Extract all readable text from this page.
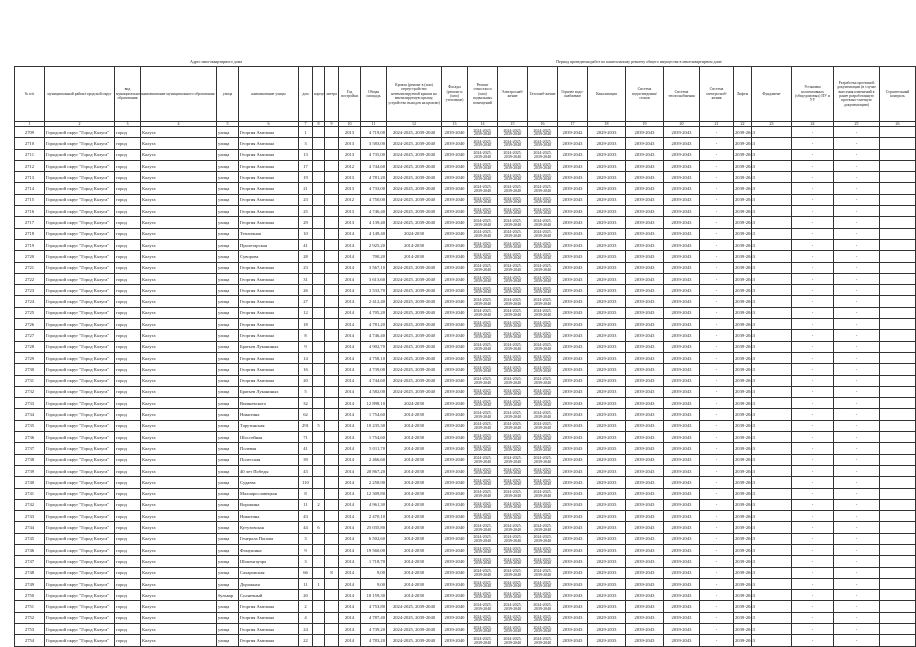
Адрес многоквартирного дома	Период проведения работ по капитальному ремонту общего имущества в многоквартирном доме
№ п/п	муниципальный район/городской округ	вид муниципального образования	наименование муниципального образования	улица	наименование улицы	дом	корпус	литера	Год постройки	Общая площадь	Кровля (ремонт в (или) переустройство невентилируемой крыши на вентилируемую крышу, устройство выходов на кровлю)	Фасады (ремонт и (или) утепление)	Ремонт отмостки и (или) подвальных помещений	Электроснаб-жение	Газоснаб-жение	Горячее водо-снабжение	Канализация	Система водоотведения/стоков	Система теплоснабжения	Система электроснаб-жения	Лифты	Фундамент	Установка коллективных (общедомовых) ПУ и УУ	Разработка проектной документации (в случае внесения изменений в ранее разработанную проектно-сметную документацию)	Строительный контроль
1	2	3	4	5	6	7	8	9	10	11	12	13	14	15	16	17	18	19	20	21	22	23	24	25	26
2709	Городской округ "Город Калуга"	город	Калуга	улица	Георгия Амелина	1			2013	4 719,00	2024-2025, 2039-2040	2039-2040	2024-2025, 2039-2040	2024-2025, 2039-2040	2024-2025, 2039-2040	2039-2042	2029-2033	2039-2043	2039-2043	-	2039-2043		-	-	
2710	Городской округ "Город Калуга"	город	Калуга	улица	Георгия Амелина	3			2013	3 583,00	2024-2025, 2039-2040	2039-2040	2024-2025, 2039-2040	2024-2025, 2039-2040	2024-2025, 2039-2040	2039-2043	2029-2033	2039-2043	2039-2043	-	2039-2043		-	-	
2711	Городской округ "Город Калуга"	город	Калуга	улица	Георгия Амелина	13			2013	4 735,00	2024-2025, 2039-2040	2039-2040	2024-2025, 2039-2040	2024-2025, 2039-2040	2024-2025, 2039-2040	2039-2043	2029-2033	2039-2043	2039-2043	-	2039-2043		-	-	
2712	Городской округ "Город Калуга"	город	Калуга	улица	Георгия Амелина	17			2012	4 744,60	2024-2025, 2039-2040	2039-2040	2024-2025, 2039-2040	2024-2025, 2039-2040	2024-2025, 2039-2040	2039-2043	2029-2033	2039-2043	2039-2043	-	2039-2043		-	-	
2713	Городской округ "Город Калуга"	город	Калуга	улица	Георгия Амелина	19			2013	4 781,20	2024-2025, 2039-2040	2039-2040	2024-2025, 2039-2040	2024-2025, 2039-2040	2024-2025, 2039-2040	2039-2043	2029-2033	2039-2043	2039-2043	-	2039-2043		-	-	
2714	Городской округ "Город Калуга"	город	Калуга	улица	Георгия Амелина	21			2013	4 733,00	2024-2025, 2039-2040	2039-2040	2024-2025, 2039-2040	2024-2025, 2039-2040	2024-2025, 2039-2040	2039-2043	2029-2033	2039-2043	2039-2043	-	2039-2043		-	-	
2715	Городской округ "Город Калуга"	город	Калуга	улица	Георгия Амелина	23			2012	4 750,00	2024-2025, 2039-2040	2039-2040	2024-2025, 2039-2040	2024-2025, 2039-2040	2024-2025, 2039-2040	2039-2043	2029-2033	2039-2043	2039-2043	-	2039-2043		-	-	
2716	Городской округ "Город Калуга"	город	Калуга	улица	Георгия Амелина	25			2013	4 746,40	2024-2025, 2039-2040	2039-2040	2024-2025, 2039-2040	2024-2025, 2039-2040	2024-2025, 2039-2040	2039-2043	2029-2033	2039-2043	2039-2043	-	2039-2043		-	-	
2717	Городской округ "Город Калуга"	город	Калуга	улица	Георгия Амелина	29			2013	4 139,40	2024-2025, 2039-2040	2039-2040	2024-2025, 2039-2040	2024-2025, 2039-2040	2024-2025, 2039-2040	2039-2043	2029-2033	2039-2043	2039-2043	-	2039-2043		-	-	
2718	Городской округ "Город Калуга"	город	Калуга	улица	Тепличная	10			2014	4 149,40	2024-2038	2039-2040	2024-2025, 2039-2040	2024-2025, 2039-2040	2024-2025, 2039-2040	2039-2043	2029-2033	2039-2043	2039-2043	-	2039-2043		-	-	
2719	Городской округ "Город Калуга"	город	Калуга	улица	Пролетарская	41			2014	2 925,20	2014-2038	2039-2040	2024-2025, 2039-2040	2024-2025, 2039-2040	2024-2025, 2039-2040	2039-2043	2029-2033	2039-2043	2039-2043	-	2039-2043		-	-	
2720	Городской округ "Город Калуга"	город	Калуга	улица	Суворова	28			2014	700,20	2014-2038	2039-2040	2024-2025, 2039-2040	2024-2025, 2039-2040	2024-2025, 2039-2040	2039-2043	2029-2033	2039-2043	2039-2043	-	2039-2043		-	-	
2721	Городской округ "Город Калуга"	город	Калуга	улица	Георгия Амелина	23			2014	3 567,10	2024-2025, 2039-2040	2039-2040	2024-2025, 2039-2040	2024-2025, 2039-2040	2024-2025, 2039-2040	2039-2043	2029-2033	2039-2043	2039-2043	-	2039-2043		-	-	
2722	Городской округ "Город Калуга"	город	Калуга	улица	Георгия Амелина	31			2014	3 613,60	2024-2025, 2039-2040	2039-2040	2024-2025, 2039-2040	2024-2025, 2039-2040	2024-2025, 2039-2040	2039-2043	2029-2033	2039-2043	2039-2043	-	2039-2043		-	-	
2723	Городской округ "Город Калуга"	город	Калуга	улица	Георгия Амелина	26			2014	3 533,70	2024-2025, 2039-2040	2039-2040	2024-2025, 2039-2040	2024-2025, 2039-2040	2024-2025, 2039-2040	2039-2043	2029-2033	2039-2043	2039-2043	-	2039-2043		-	-	
2724	Городской округ "Город Калуга"	город	Калуга	улица	Георгия Амелина	27			2014	2 412,40	2024-2025, 2039-2040	2039-2040	2024-2025, 2039-2040	2024-2025, 2039-2040	2024-2025, 2039-2040	2039-2043	2029-2033	2039-2043	2039-2043	-	2039-2043		-	-	
2725	Городской округ "Город Калуга"	город	Калуга	улица	Георгия Амелина	12			2014	4 705,20	2024-2025, 2039-2040	2039-2040	2024-2025, 2039-2040	2024-2025, 2039-2040	2024-2025, 2039-2040	2039-2043	2029-2033	2039-2043	2039-2043	-	2039-2043		-	-	
2726	Городской округ "Город Калуга"	город	Калуга	улица	Георгия Амелина	18			2014	4 781,20	2024-2025, 2039-2040	2039-2040	2024-2025, 2039-2040	2024-2025, 2039-2040	2024-2025, 2039-2040	2039-2043	2029-2033	2039-2043	2039-2043	-	2039-2043		-	-	
2727	Городской округ "Город Калуга"	город	Калуга	улица	Георгия Амелина	8			2014	4 746,40	2024-2025, 2039-2040	2039-2040	2024-2025, 2039-2040	2024-2025, 2039-2040	2024-2025, 2039-2040	2039-2043	2029-2033	2039-2043	2039-2043	-	2039-2043		-	-	
2728	Городской округ "Город Калуга"	город	Калуга	улица	Братьев Луканиных	9			2014	4 902,70	2024-2025, 2039-2040	2039-2040	2024-2025, 2039-2040	2024-2025, 2039-2040	2024-2025, 2039-2040	2039-2043	2029-2033	2039-2043	2039-2043	-	2039-2043		-	-	
2729	Городской округ "Город Калуга"	город	Калуга	улица	Георгия Амелина	14			2014	4 758,10	2024-2025, 2039-2040	2039-2040	2024-2025, 2039-2040	2024-2025, 2039-2040	2024-2025, 2039-2040	2039-2043	2029-2033	2039-2043	2039-2043	-	2039-2043		-	-	
2730	Городской округ "Город Калуга"	город	Калуга	улица	Георгия Амелина	16			2014	4 739,00	2024-2025, 2039-2040	2039-2040	2024-2025, 2039-2040	2024-2025, 2039-2040	2024-2025, 2039-2040	2039-2043	2029-2033	2039-2043	2039-2043	-	2039-2043		-	-	
2731	Городской округ "Город Калуга"	город	Калуга	улица	Георгия Амелина	20			2014	4 744,60	2024-2025, 2039-2040	2039-2040	2024-2025, 2039-2040	2024-2025, 2039-2040	2024-2025, 2039-2040	2039-2043	2029-2033	2039-2043	2039-2043	-	2039-2043		-	-	
2732	Городской округ "Город Калуга"	город	Калуга	улица	Братьев Луканиных	5			2014	4 582,00	2024-2025, 2039-2040	2039-2040	2024-2025, 2039-2040	2024-2025, 2039-2040	2024-2025, 2039-2040	2039-2043	2029-2033	2039-2043	2039-2043	-	2039-2043		-	-	
2733	Городской округ "Город Калуга"	город	Калуга	улица	Вишневского	32			2014	12 898,10	2024-2038	2039-2040	2024-2025, 2039-2040	2024-2025, 2039-2040	2024-2025, 2039-2040	2039-2043	2029-2033	2039-2043	2039-2043	-	2039-2043		-	-	
2734	Городской округ "Город Калуга"	город	Калуга	улица	Никитина	62			2014	1 754,60	2014-2038	2039-2040	2024-2025, 2039-2040	2024-2025, 2039-2040	2024-2025, 2039-2040	2039-2043	2029-2033	2039-2043	2039-2043	-	2039-2043		-	-	
2735	Городской округ "Город Калуга"	город	Калуга	улица	Тарутинская	291	5		2014	10 235,30	2014-2038	2039-2040	2024-2025, 2039-2040	2024-2025, 2039-2040	2024-2025, 2039-2040	2039-2043	2029-2033	2039-2043	2039-2043	-	2039-2043		-	-	
2736	Городской округ "Город Калуга"	город	Калуга	улица	Шоссейная	71			2014	1 754,60	2014-2038	2039-2040	2024-2025, 2039-2040	2024-2025, 2039-2040	2024-2025, 2039-2040	2039-2043	2029-2033	2039-2043	2039-2043	-	2039-2043		-	-	
2737	Городской округ "Город Калуга"	город	Калуга	улица	Полевая	41			2014	5 011,70	2014-2038	2039-2040	2024-2025, 2039-2040	2024-2025, 2039-2040	2024-2025, 2039-2040	2039-2043	2029-2033	2039-2043	2039-2043	-	2039-2043		-	-	
2738	Городской округ "Город Калуга"	город	Калуга	улица	Полесская	39			2014	2 466,60	2014-2038	2039-2040	2024-2025, 2039-2040	2024-2025, 2039-2040	2024-2025, 2039-2040	2039-2043	2029-2033	2039-2043	2039-2043	-	2039-2043		-	-	
2739	Городской округ "Город Калуга"	город	Калуга	улица	40 лет Победы	43			2014	20 867,20	2014-2038	2039-2040	2024-2025, 2039-2040	2024-2025, 2039-2040	2024-2025, 2039-2040	2039-2043	2029-2033	2039-2043	2039-2043	-	2039-2043		-	-	
2740	Городской округ "Город Калуга"	город	Калуга	улица	Судаева	110			2014	2 258,90	2014-2038	2039-2040	2024-2025, 2039-2040	2024-2025, 2039-2040	2024-2025, 2039-2040	2039-2043	2029-2033	2039-2043	2039-2043	-	2039-2043		-	-	
2741	Городской округ "Город Калуга"	город	Калуга	улица	Малоярославецкая	8			2014	12 309,80	2014-2038	2039-2040	2024-2025, 2039-2040	2024-2025, 2039-2040	2024-2025, 2039-2040	2039-2043	2029-2033	2039-2043	2039-2043	-	2039-2043		-	-	
2742	Городской округ "Город Калуга"	город	Калуга	улица	Воронина	11	2		2014	4 961,30	2014-2038	2039-2040	2024-2025, 2039-2040	2024-2025, 2039-2040	2024-2025, 2039-2040	2039-2043	2029-2033	2039-2043	2039-2043	-	2039-2043		-	-	
2743	Городской округ "Город Калуга"	город	Калуга	улица	Никитина	43			2014	2 470,10	2014-2038	2039-2040	2024-2025, 2039-2040	2024-2025, 2039-2040	2024-2025, 2039-2040	2039-2043	2029-2033	2039-2043	2039-2043	-	2039-2043		-	-	
2744	Городской округ "Город Калуга"	город	Калуга	улица	Кутузовская	44	6		2014	25 035,80	2014-2038	2039-2040	2024-2025, 2039-2040	2024-2025, 2039-2040	2024-2025, 2039-2040	2039-2043	2029-2033	2039-2043	2039-2043	-	2039-2043		-	-	
2745	Городской округ "Город Калуга"	город	Калуга	улица	Генерала Попова	3			2014	6 502,60	2014-2038	2039-2040	2024-2025, 2039-2040	2024-2025, 2039-2040	2024-2025, 2039-2040	2039-2043	2029-2033	2039-2043	2039-2043	-	2039-2043		-	-	
2746	Городской округ "Город Калуга"	город	Калуга	улица	Фомушина	9			2014	19 560,00	2014-2038	2039-2040	2024-2025, 2039-2040	2024-2025, 2039-2040	2024-2025, 2039-2040	2039-2043	2029-2033	2039-2043	2039-2043	-	2039-2043		-	-	
2747	Городской округ "Город Калуга"	город	Калуга	улица	Шопенгауэра	3			2014	1 718,70	2014-2038	2039-2040	2024-2025, 2039-2040	2024-2025, 2039-2040	2024-2025, 2039-2040	2039-2043	2029-2033	2039-2043	2039-2043	-	2039-2043		-	-	
2748	Городской округ "Город Калуга"	город	Калуга	улица	Сахаровская	66		8	2014	9,00	2014-2038	2039-2040	2024-2025, 2039-2040	2024-2025, 2039-2040	2024-2025, 2039-2040	2039-2043	2029-2033	2039-2043	2039-2043	-	2039-2043		-	-	
2749	Городской округ "Город Калуга"	город	Калуга	улица	Дорожная	11	1		2014	9,00	2014-2038	2039-2040	2024-2025, 2039-2040	2024-2025, 2039-2040	2024-2025, 2039-2040	2039-2043	2029-2033	2039-2043	2039-2043	-	2039-2043		-	-	
2750	Городской округ "Город Калуга"	город	Калуга	бульвар	Солнечный	20			2014	18 159,30	2014-2038	2039-2040	2024-2025, 2039-2040	2024-2025, 2039-2040	2024-2025, 2039-2040	2039-2043	2029-2033	2039-2043	2039-2043	-	2039-2043		-	-	
2751	Городской округ "Город Калуга"	город	Калуга	улица	Георгия Амелина	2			2014	4 753,80	2024-2025, 2039-2040	2039-2040	2024-2025, 2039-2040	2024-2025, 2039-2040	2024-2025, 2039-2040	2039-2043	2029-2033	2039-2043	2039-2043	-	2039-2043		-	-	
2752	Городской округ "Город Калуга"	город	Калуга	улица	Георгия Амелина	4			2014	4 787,40	2024-2025, 2039-2040	2039-2040	2024-2025, 2039-2040	2024-2025, 2039-2040	2024-2025, 2039-2040	2039-2043	2029-2033	2039-2043	2039-2043	-	2039-2043		-	-	
2753	Городской округ "Город Калуга"	город	Калуга	улица	Георгия Амелина	24			2014	4 739,20	2024-2025, 2039-2040	2039-2040	2024-2025, 2039-2040	2024-2025, 2039-2040	2024-2025, 2039-2040	2039-2043	2029-2033	2039-2043	2039-2043	-	2039-2043		-	-	
2754	Городской округ "Город Калуга"	город	Калуга	улица	Георгия Амелина	22			2014	4 783,20	2024-2025, 2039-2040	2039-2040	2024-2025, 2039-2040	2024-2025, 2039-2040	2024-2025, 2039-2040	2039-2043	2029-2033	2039-2043	2039-2043	-	2039-2043		-	-	
